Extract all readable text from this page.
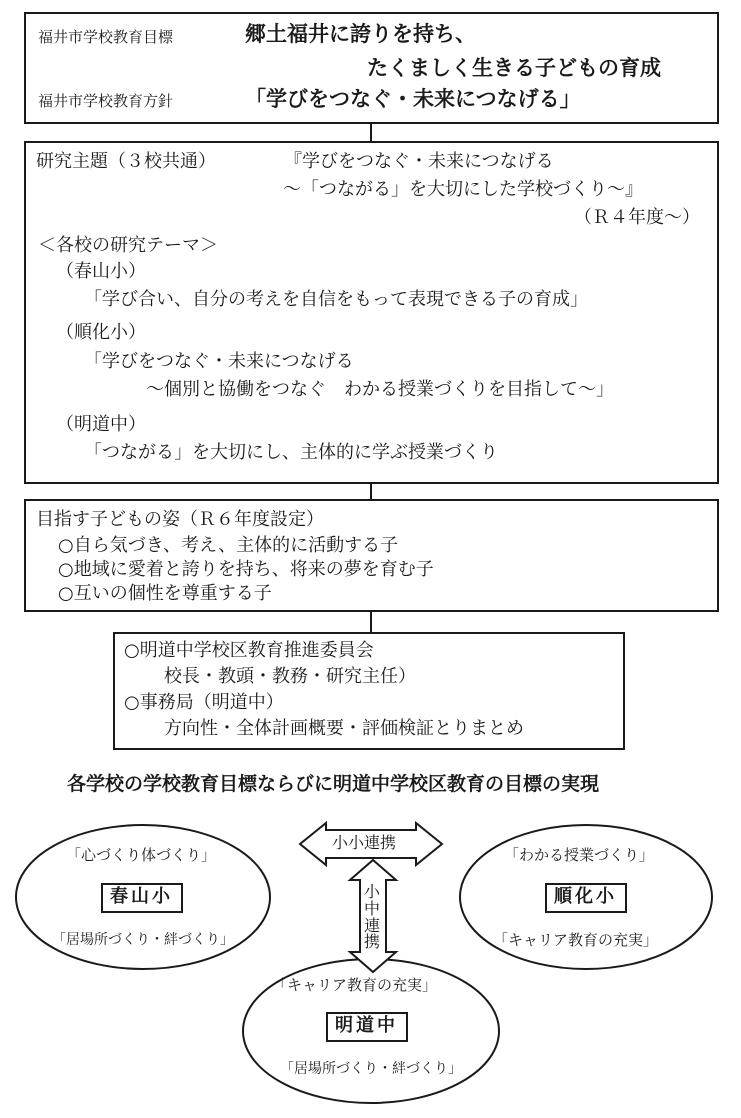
福井市学校教育目標	郷土福井に誇りを持ち、
たくましく生きる子どもの育成
福井市学校教育方針	「学びをつなぐ・未来につなげる」
研究主題（３校共通）	『学びをつなぐ・未来につなげる
〜「つながる」を大切にした学校づくり〜』
（Ｒ４年度〜）
＜各校の研究テーマ＞
（春山小）
「学び合い、自分の考えを自信をもって表現できる子の育成」
（順化小）
「学びをつなぐ・未来につなげる
〜個別と協働をつなぐ　わかる授業づくりを目指して〜」
（明道中）
「つながる」を大切にし、主体的に学ぶ授業づくり
目指す子どもの姿（Ｒ６年度設定）
○自ら気づき、考え、主体的に活動する子
○地域に愛着と誇りを持ち、将来の夢を育む子
○互いの個性を尊重する子
○明道中学校区教育推進委員会
校長・教頭・教務・研究主任）
○事務局（明道中）
方向性・全体計画概要・評価検証とりまとめ
各学校の学校教育目標ならびに明道中学校区教育の目標の実現
小小連携
小中連携
「心づくり体づくり」
春山小
「居場所づくり・絆づくり」
「わかる授業づくり」
順化小
「キャリア教育の充実」
「キャリア教育の充実」
明道中
「居場所づくり・絆づくり」
